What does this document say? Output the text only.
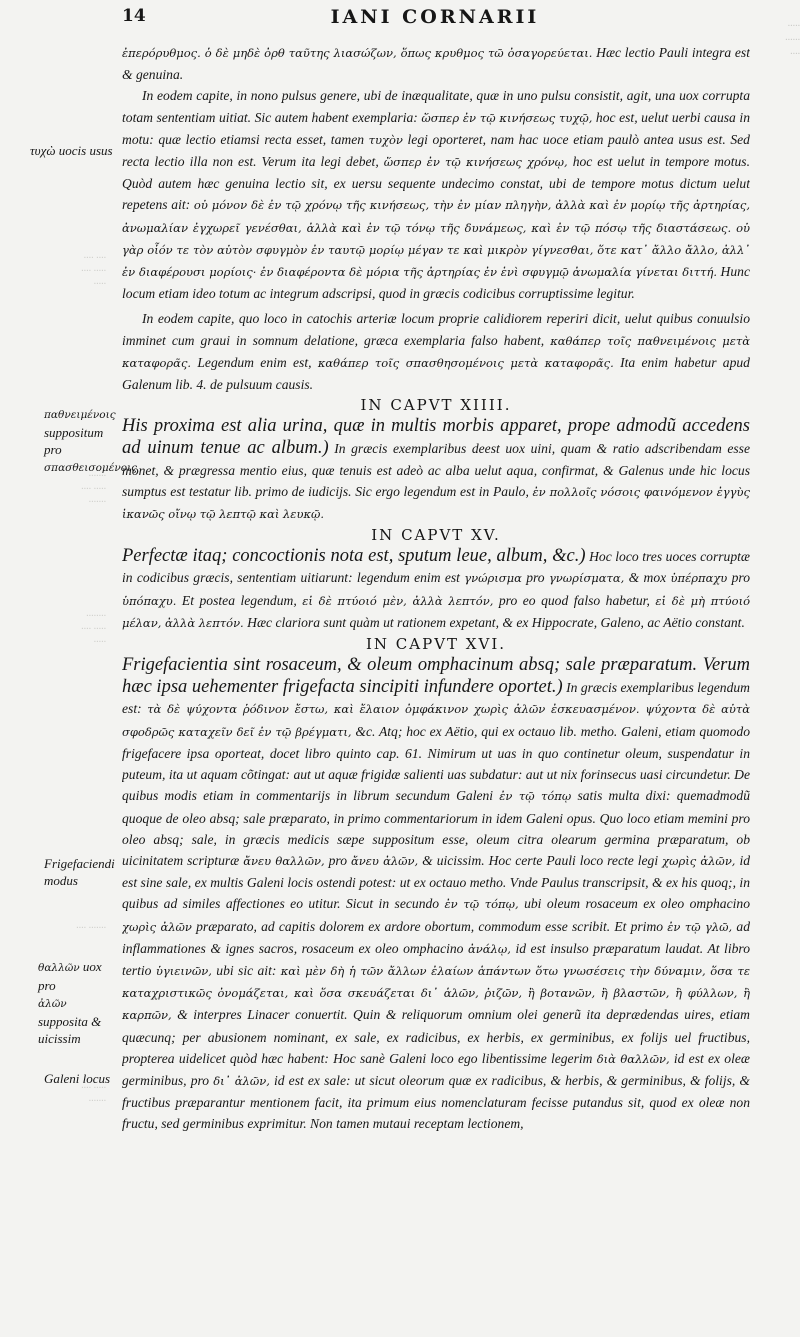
14	IANI CORNARII	·····
······
····
···· ····
···· ·····
·····
·······
···· ·····
·······
········
···· ·····
·····
···· ·······
···· ·····
·······
τυχὼ uocis usus
παθνειμένοις
suppositum pro
σπασθεισομένοις
Frigefaciendi modus
θαλλῶν uox pro
ἀλῶν supposita & uicissim
Galeni locus

ἐπερόρυθμος. ὁ δὲ μηδὲ ὀρθ ταῦτης λιασώζων, ὅπως κρυθμος τῶ ὀσαγορεύεται. Hæc lectio Pauli integra est & genuina.

In eodem capite, in nono pulsus genere, ubi de inæqualitate, quæ in uno pulsu consistit, agit, una uox corrupta totam sententiam uitiat. Sic autem habent exemplaria: ὥσπερ ἐν τῷ κινήσεως τυχῷ, hoc est, uelut uerbi causa in motu: quæ lectio etiamsi recta esset, tamen τυχὸν legi oporteret, nam hac uoce etiam paulò antea usus est. Sed recta lectio illa non est. Verum ita legi debet, ὥσπερ ἐν τῷ κινήσεως χρόνῳ, hoc est uelut in tempore motus. Quòd autem hæc genuina lectio sit, ex uersu sequente undecimo constat, ubi de tempore motus dictum uelut repetens ait: οὐ μόνον δὲ ἐν τῷ χρόνῳ τῆς κινήσεως, τὴν ἐν μίαν πληγὴν, ἀλλὰ καὶ ἐν μορίῳ τῆς ἀρτηρίας, ἀνωμαλίαν ἐγχωρεῖ γενέσθαι, ἀλλὰ καὶ ἐν τῷ τόνῳ τῆς δυνάμεως, καὶ ἐν τῷ πόσῳ τῆς διαστάσεως. οὐ γὰρ οἷόν τε τὸν αὐτὸν σφυγμὸν ἐν ταυτῷ μορίῳ μέγαν τε καὶ μικρὸν γίγνεσθαι, ὅτε κατ᾽ ἄλλο ἄλλο, ἀλλ᾽ ἐν διαφέρουσι μορίοις· ἐν διαφέροντα δὲ μόρια τῆς ἀρτηρίας ἐν ἑνὶ σφυγμῷ ἀνωμαλία γίνεται διττή. Hunc locum etiam ideo totum ac integrum adscripsi, quod in græcis codicibus corruptissime legitur.

In eodem capite, quo loco in catochis arteriæ locum proprie calidiorem reperiri dicit, uelut quibus conuulsio imminet cum graui in somnum delatione, græca exemplaria falso habent, καθάπερ τοῖς παθνειμένοις μετὰ καταφορᾶς. Legendum enim est, καθάπερ τοῖς σπασθησομένοις μετὰ καταφορᾶς. Ita enim habetur apud Galenum lib. 4. de pulsuum causis.

IN CAPVT XIIII.

His proxima est alia urina, quæ in multis morbis apparet, prope admodũ accedens ad uinum tenue ac album.) In græcis exemplaribus deest uox uini, quam & ratio adscribendam esse monet, & prægressa mentio eius, quæ tenuis est adeò ac alba uelut aqua, confirmat, & Galenus unde hic locus sumptus est testatur lib. primo de iudicijs. Sic ergo legendum est in Paulo, ἐν πολλοῖς νόσοις φαινόμενον ἐγγὺς ἱκανῶς οἴνῳ τῷ λεπτῷ καὶ λευκῷ.

IN CAPVT XV.

Perfectæ itaq; concoctionis nota est, sputum leue, album, &c.) Hoc loco tres uoces corruptæ in codicibus græcis, sententiam uitiarunt: legendum enim est γνώρισμα pro γνωρίσματα, & mox ὑπέρπαχυ pro ὑπόπαχυ. Et postea legendum, εἰ δὲ πτύοιό μὲν, ἀλλὰ λεπτόν, pro eo quod falso habetur, εἰ δὲ μὴ πτύοιό μέλαν, ἀλλὰ λεπτόν. Hæc clariora sunt quàm ut rationem expetant, & ex Hippocrate, Galeno, ac Aëtio constant.

IN CAPVT XVI.

Frigefacientia sint rosaceum, & oleum omphacinum absq; sale præparatum. Verum hæc ipsa uehementer frigefacta sincipiti infundere oportet.) In græcis exemplaribus legendum est: τὰ δὲ ψύχοντα ῥόδινον ἔστω, καὶ ἔλαιον ὀμφάκινον χωρὶς ἀλῶν ἐσκευασμένον. ψύχοντα δὲ αὐτὰ σφοδρῶς καταχεῖν δεῖ ἐν τῷ βρέγματι, &c. Atq; hoc ex Aëtio, qui ex octauo lib. metho. Galeni, etiam quomodo frigefacere ipsa oporteat, docet libro quinto cap. 61. Nimirum ut uas in quo continetur oleum, suspendatur in puteum, ita ut aquam cõtingat: aut ut aquæ frigidæ salienti uas subdatur: aut ut nix forinsecus uasi circundetur. De quibus modis etiam in commentarijs in librum secundum Galeni ἐν τῷ τόπῳ satis multa dixi: quemadmodũ quoque de oleo absq; sale præparato, in primo commentariorum in idem Galeni opus. Quo loco etiam memini pro oleo absq; sale, in græcis medicis sæpe suppositum esse, oleum citra olearum germina præparatum, ob uicinitatem scripturæ ἄνευ θαλλῶν, pro ἄνευ ἀλῶν, & uicissim. Hoc certe Pauli loco recte legi χωρὶς ἀλῶν, id est sine sale, ex multis Galeni locis ostendi potest: ut ex octauo metho. Vnde Paulus transcripsit, & ex his quoq;, in quibus ad similes affectiones eo utitur. Sicut in secundo ἐν τῷ τόπῳ, ubi oleum rosaceum ex oleo omphacino χωρὶς ἀλῶν præparato, ad capitis dolorem ex ardore obortum, commodum esse scribit. Et primo ἐν τῷ γλῶ, ad inflammationes & ignes sacros, rosaceum ex oleo omphacino ἀνάλῳ, id est insulso præparatum laudat. At libro tertio ὑγιεινῶν, ubi sic ait: καὶ μὲν δὴ ἡ τῶν ἄλλων ἐλαίων ἁπάντων ὅτω γνωσέσεις τὴν δύναμιν, ὅσα τε καταχριστικῶς ὀνομάζεται, καὶ ὅσα σκευάζεται δι᾽ ἁλῶν, ῥιζῶν, ἢ βοτανῶν, ἢ βλαστῶν, ἢ φύλλων, ἢ καρπῶν, & interpres Linacer conuertit. Quin & reliquorum omnium olei generũ ita deprædendas uires, etiam quæcunq; per abusionem nominant, ex sale, ex radicibus, ex herbis, ex germinibus, ex folijs uel fructibus, propterea uidelicet quòd hæc habent: Hoc sanè Galeni loco ego libentissime legerim διὰ θαλλῶν, id est ex oleæ germinibus, pro δι᾽ ἀλῶν, id est ex sale: ut sicut oleorum quæ ex radicibus, & herbis, & germinibus, & folijs, & fructibus præparantur mentionem facit, ita primum eius nomenclaturam fecisse putandus sit, quod ex oleæ non fructu, sed germinibus exprimitur. Non tamen mutaui receptam lectionem,
